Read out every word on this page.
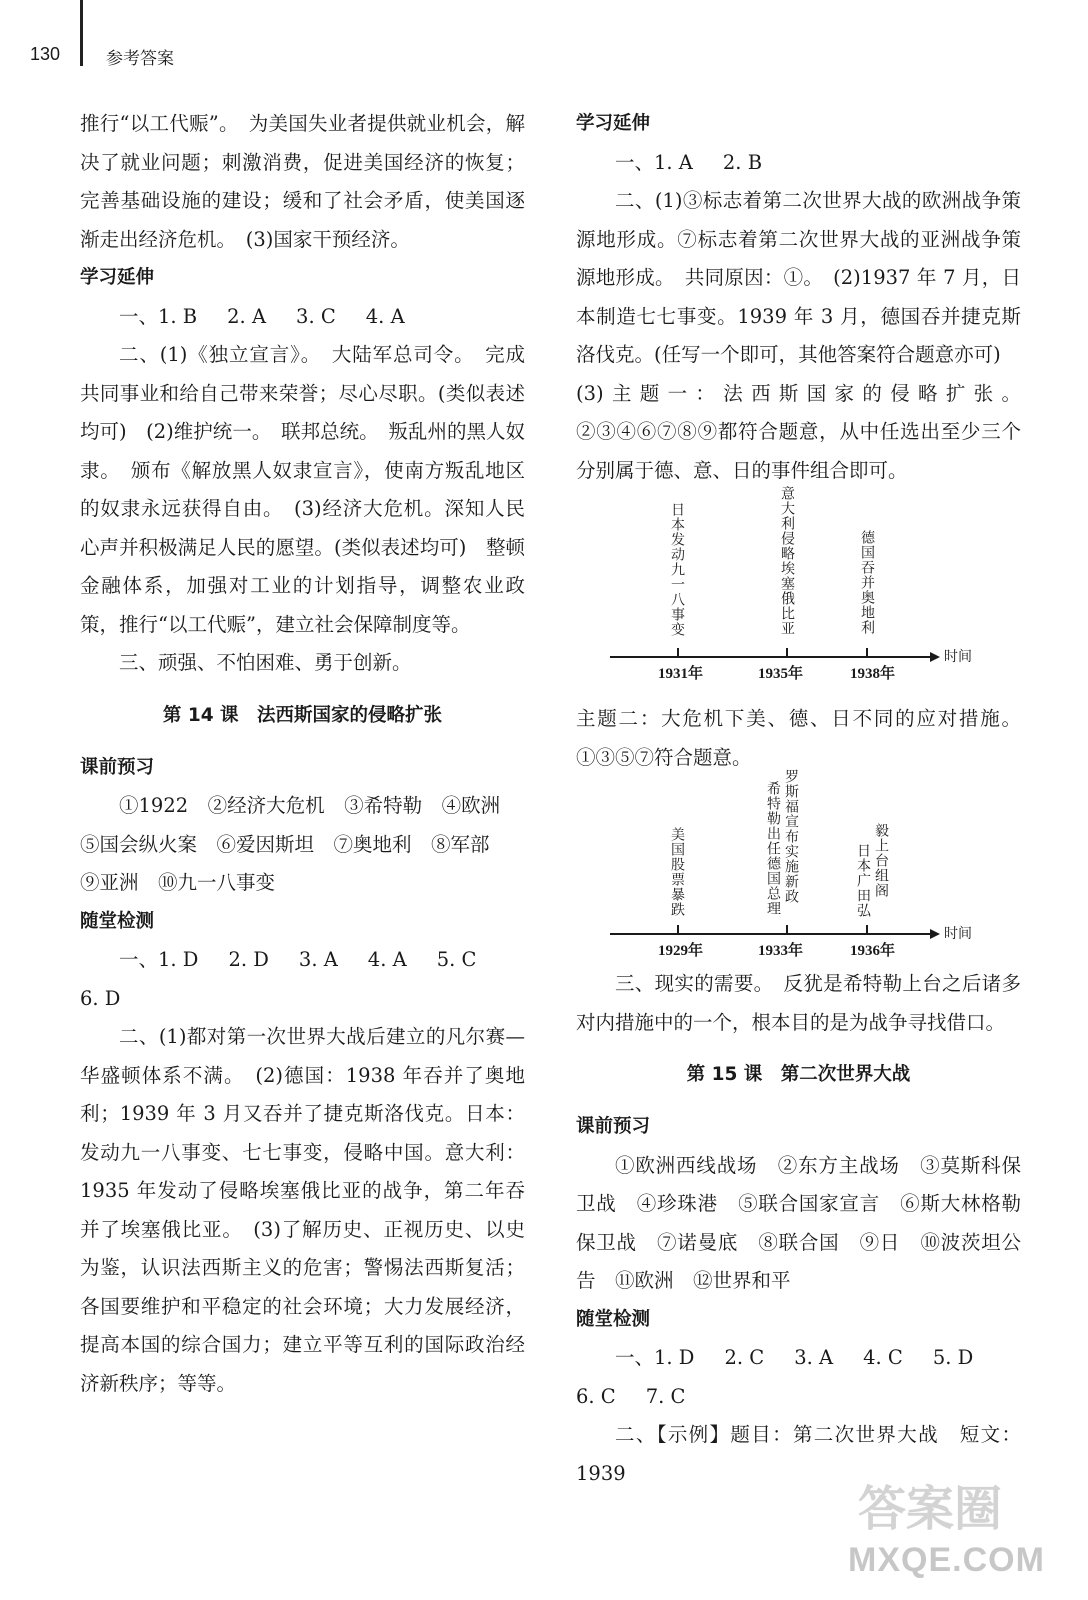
130	参考答案

推行“以工代赈”。　为美国失业者提供就业机会，解决了就业问题；刺激消费，促进美国经济的恢复；完善基础设施的建设；缓和了社会矛盾，使美国逐渐走出经济危机。　(3)国家干预经济。

学习延伸
一、1. B 2. A 3. C 4. A

二、(1)《独立宣言》。　大陆军总司令。　完成共同事业和给自己带来荣誉；尽心尽职。(类似表述均可)　(2)维护统一。　联邦总统。　叛乱州的黑人奴隶。　颁布《解放黑人奴隶宣言》，使南方叛乱地区的奴隶永远获得自由。　(3)经济大危机。深知人民心声并积极满足人民的愿望。(类似表述均可)　整顿金融体系，加强对工业的计划指导，调整农业政策，推行“以工代赈”，建立社会保障制度等。

三、顽强、不怕困难、勇于创新。

第 14 课　法西斯国家的侵略扩张
课前预习
①1922　②经济大危机　③希特勒　④欧洲
⑤国会纵火案　⑥爱因斯坦　⑦奥地利　⑧军部
⑨亚洲　⑩九一八事变
随堂检测
一、1. D 2. D 3. A 4. A 5. C
6. D

二、(1)都对第一次世界大战后建立的凡尔赛—华盛顿体系不满。　(2)德国：1938 年吞并了奥地利；1939 年 3 月又吞并了捷克斯洛伐克。日本：发动九一八事变、七七事变，侵略中国。意大利：1935 年发动了侵略埃塞俄比亚的战争，第二年吞并了埃塞俄比亚。　(3)了解历史、正视历史、以史为鉴，认识法西斯主义的危害；警惕法西斯复活；各国要维护和平稳定的社会环境；大力发展经济，提高本国的综合国力；建立平等互利的国际政治经济新秩序；等等。

学习延伸
一、1. A 2. B

二、(1)③标志着第二次世界大战的欧洲战争策源地形成。⑦标志着第二次世界大战的亚洲战争策源地形成。　共同原因：①。　(2)1937 年 7 月，日本制造七七事变。1939 年 3 月，德国吞并捷克斯洛伐克。(任写一个即可，其他答案符合题意亦可)

(3)主题一：法西斯国家的侵略扩张。②③④⑥⑦⑧⑨都符合题意，从中任选出至少三个分别属于德、意、日的事件组合即可。

日本发动九一八事变	意大利侵略埃塞俄比亚	德国吞并奥地利
时间
1931年	1935年	1938年

主题二：大危机下美、德、日不同的应对措施。①③⑤⑦符合题意。

美国股票暴跌	希特勒出任德国总理 罗斯福宣布实施新政	日本广田弘 毅上台组阁
时间
1929年	1933年	1936年

三、现实的需要。　反犹是希特勒上台之后诸多对内措施中的一个，根本目的是为战争寻找借口。

第 15 课　第二次世界大战
课前预习

①欧洲西线战场　②东方主战场　③莫斯科保卫战　④珍珠港　⑤联合国家宣言　⑥斯大林格勒保卫战　⑦诺曼底　⑧联合国　⑨日　⑩波茨坦公告　⑪欧洲　⑫世界和平

随堂检测
一、1. D 2. C 3. A 4. C 5. D
6. C 7. C

二、【示例】题目：第二次世界大战　短文：1939

答案圈
MXQE.COM
